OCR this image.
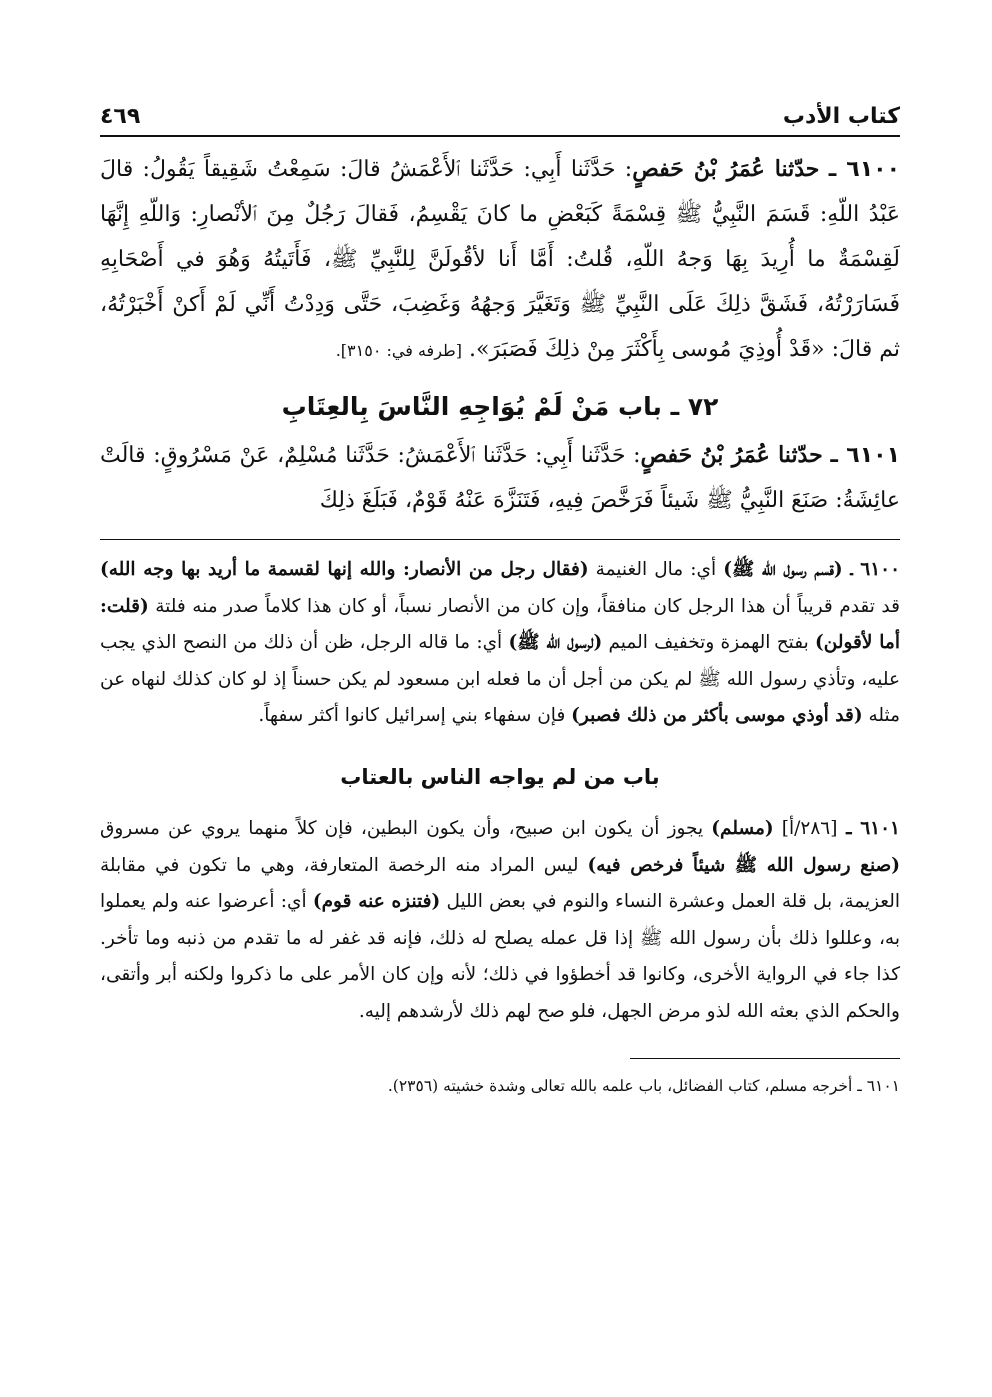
كتاب الأدب
٤٦٩

٦١٠٠ ـ حدّثنا عُمَرُ بْنُ حَفصٍ: حَدَّثَنا أَبِي: حَدَّثَنا ٱلأَعْمَشُ قالَ: سَمِعْتُ شَقِيقاً يَقُولُ: قالَ عَبْدُ اللّهِ: قَسَمَ النَّبِيُّ ﷺ قِسْمَةً كَبَعْضِ ما كانَ يَقْسِمُ، فَقالَ رَجُلٌ مِنَ ٱلأنْصارِ: وَاللّهِ إِنَّهَا لَقِسْمَةٌ ما أُرِيدَ بِهَا وَجهُ اللّهِ، قُلتُ: أَمَّا أَنا لأقُولَنَّ لِلنَّبِيِّ ﷺ، فَأَتَيتُهُ وَهُوَ في أَصْحَابِهِ فَسَارَرْتُهُ، فَشَقَّ ذلِكَ عَلَى النَّبِيِّ ﷺ وَتَغَيَّرَ وَجهُهُ وَغَضِبَ، حَتَّى وَدِدْتُ أَنِّي لَمْ أَكنْ أَخْبَرْتُهُ، ثم قالَ: «قَدْ أُوذِيَ مُوسى بِأَكْثَرَ مِنْ ذلِكَ فَصَبَرَ». [طرفه في: ٣١٥٠].

٧٢ ـ باب مَنْ لَمْ يُوَاجِهِ النَّاسَ بِالعِتَابِ

٦١٠١ ـ حدّثنا عُمَرُ بْنُ حَفصٍ: حَدَّثَنا أَبِي: حَدَّثَنا ٱلأَعْمَشُ: حَدَّثَنا مُسْلِمٌ، عَنْ مَسْرُوقٍ: قالَتْ عائِشَةُ: صَنَعَ النَّبِيُّ ﷺ شَيئاً فَرَخَّصَ فِيهِ، فَتَنَزَّهَ عَنْهُ قَوْمٌ، فَبَلَغَ ذلِكَ

٦١٠٠ ـ (قسم رسول الله ﷺ) أي: مال الغنيمة (فقال رجل من الأنصار: والله إنها لقسمة ما أريد بها وجه الله) قد تقدم قريباً أن هذا الرجل كان منافقاً، وإن كان من الأنصار نسباً، أو كان هذا كلاماً صدر منه فلتة (قلت: أما لأقولن) بفتح الهمزة وتخفيف الميم (لرسول الله ﷺ) أي: ما قاله الرجل، ظن أن ذلك من النصح الذي يجب عليه، وتأذي رسول الله ﷺ لم يكن من أجل أن ما فعله ابن مسعود لم يكن حسناً إذ لو كان كذلك لنهاه عن مثله (قد أوذي موسى بأكثر من ذلك فصبر) فإن سفهاء بني إسرائيل كانوا أكثر سفهاً.

باب من لم يواجه الناس بالعتاب

٦١٠١ ـ [٢٨٦/أ] (مسلم) يجوز أن يكون ابن صبيح، وأن يكون البطين، فإن كلاً منهما يروي عن مسروق (صنع رسول الله ﷺ شيئاً فرخص فيه) ليس المراد منه الرخصة المتعارفة، وهي ما تكون في مقابلة العزيمة، بل قلة العمل وعشرة النساء والنوم في بعض الليل (فتنزه عنه قوم) أي: أعرضوا عنه ولم يعملوا به، وعللوا ذلك بأن رسول الله ﷺ إذا قل عمله يصلح له ذلك، فإنه قد غفر له ما تقدم من ذنبه وما تأخر. كذا جاء في الرواية الأخرى، وكانوا قد أخطؤوا في ذلك؛ لأنه وإن كان الأمر على ما ذكروا ولكنه أبر وأتقى، والحكم الذي بعثه الله لذو مرض الجهل، فلو صح لهم ذلك لأرشدهم إليه.

٦١٠١ ـ أخرجه مسلم، كتاب الفضائل، باب علمه بالله تعالى وشدة خشيته (٢٣٥٦).
